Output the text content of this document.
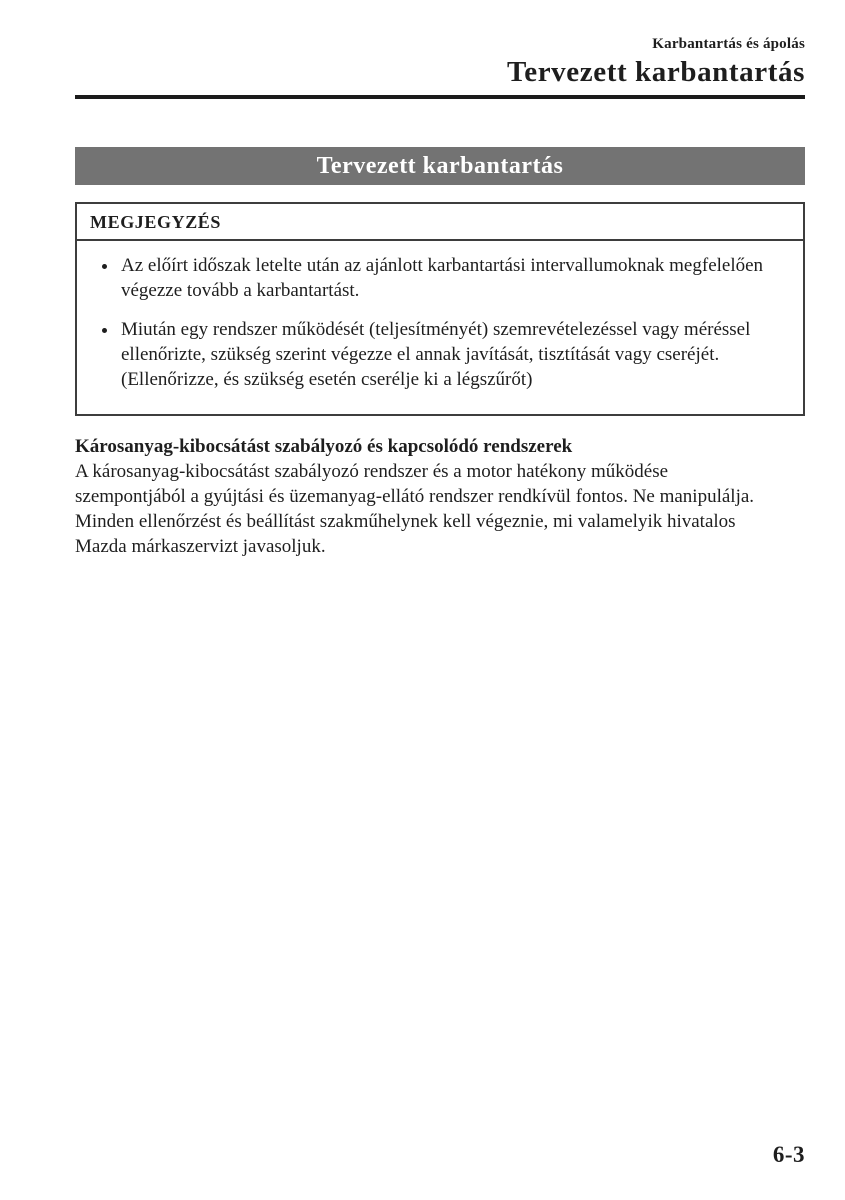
Karbantartás és ápolás
Tervezett karbantartás
Tervezett karbantartás
MEGJEGYZÉS
• Az előírt időszak letelte után az ajánlott karbantartási intervallumoknak megfelelően végezze tovább a karbantartást.
• Miután egy rendszer működését (teljesítményét) szemrevételezéssel vagy méréssel ellenőrizte, szükség szerint végezze el annak javítását, tisztítását vagy cseréjét. (Ellenőrizze, és szükség esetén cserélje ki a légszűrőt)
Károsanyag-kibocsátást szabályozó és kapcsolódó rendszerek

A károsanyag-kibocsátást szabályozó rendszer és a motor hatékony működése

szempontjából a gyújtási és üzemanyag-ellátó rendszer rendkívül fontos. Ne manipulálja.

Minden ellenőrzést és beállítást szakműhelynek kell végeznie, mi valamelyik hivatalos

Mazda márkaszervizt javasoljuk.

6-3
